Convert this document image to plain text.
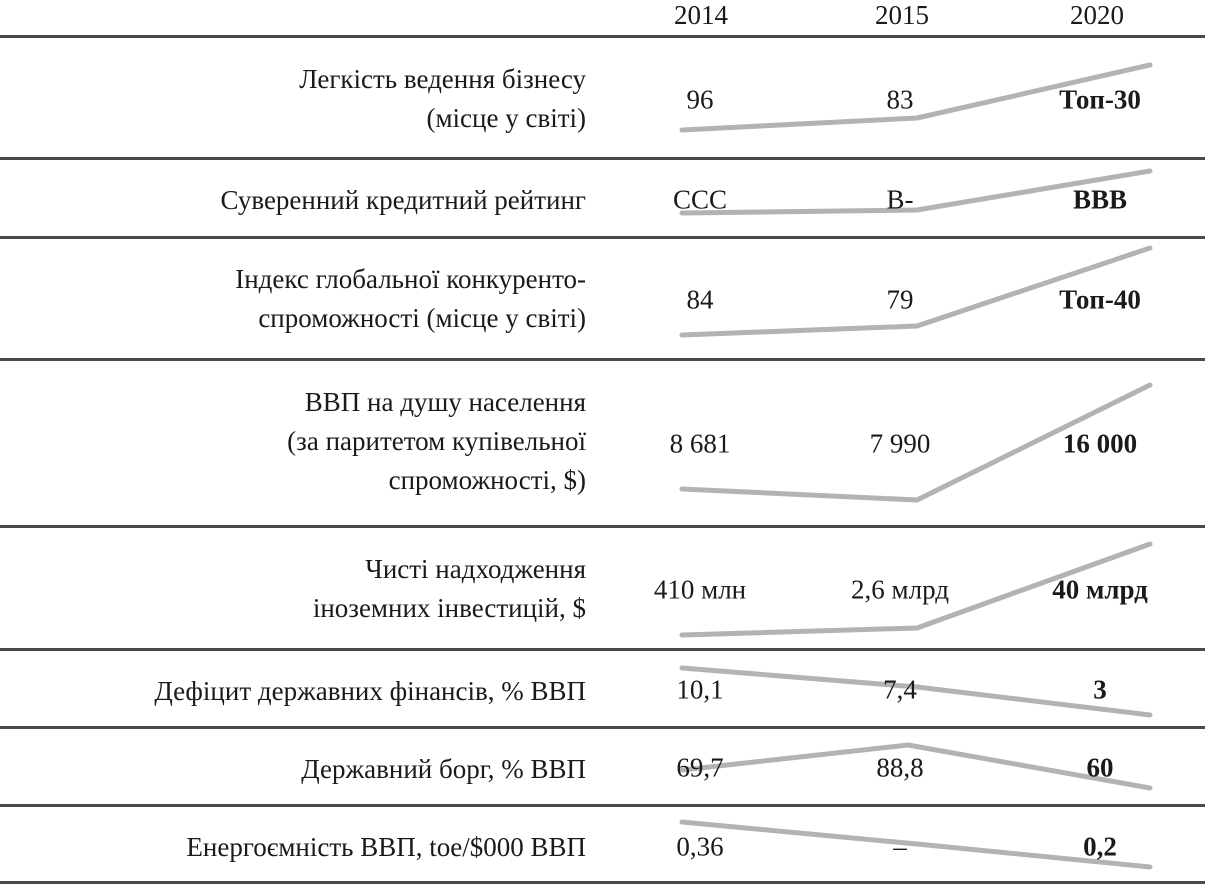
2014	2015	2020
Легкість ведення бізнесу
(місце у світі)
96	83	Топ-30
Суверенний кредитний рейтинг	CCC	B-	BBB
Індекс глобальної конкуренто-
спроможності (місце у світі)
84	79	Топ-40
ВВП на душу населення
(за паритетом купівельної
спроможності, $)
8 681	7 990	16 000
Чисті надходження
іноземних інвестицій, $
410 млн	2,6 млрд	40 млрд
Дефіцит державних фінансів, % ВВП	10,1	7,4	3
Державний борг, % ВВП	69,7	88,8	60
Енергоємність ВВП, toe/$000 ВВП	0,36	–	0,2
